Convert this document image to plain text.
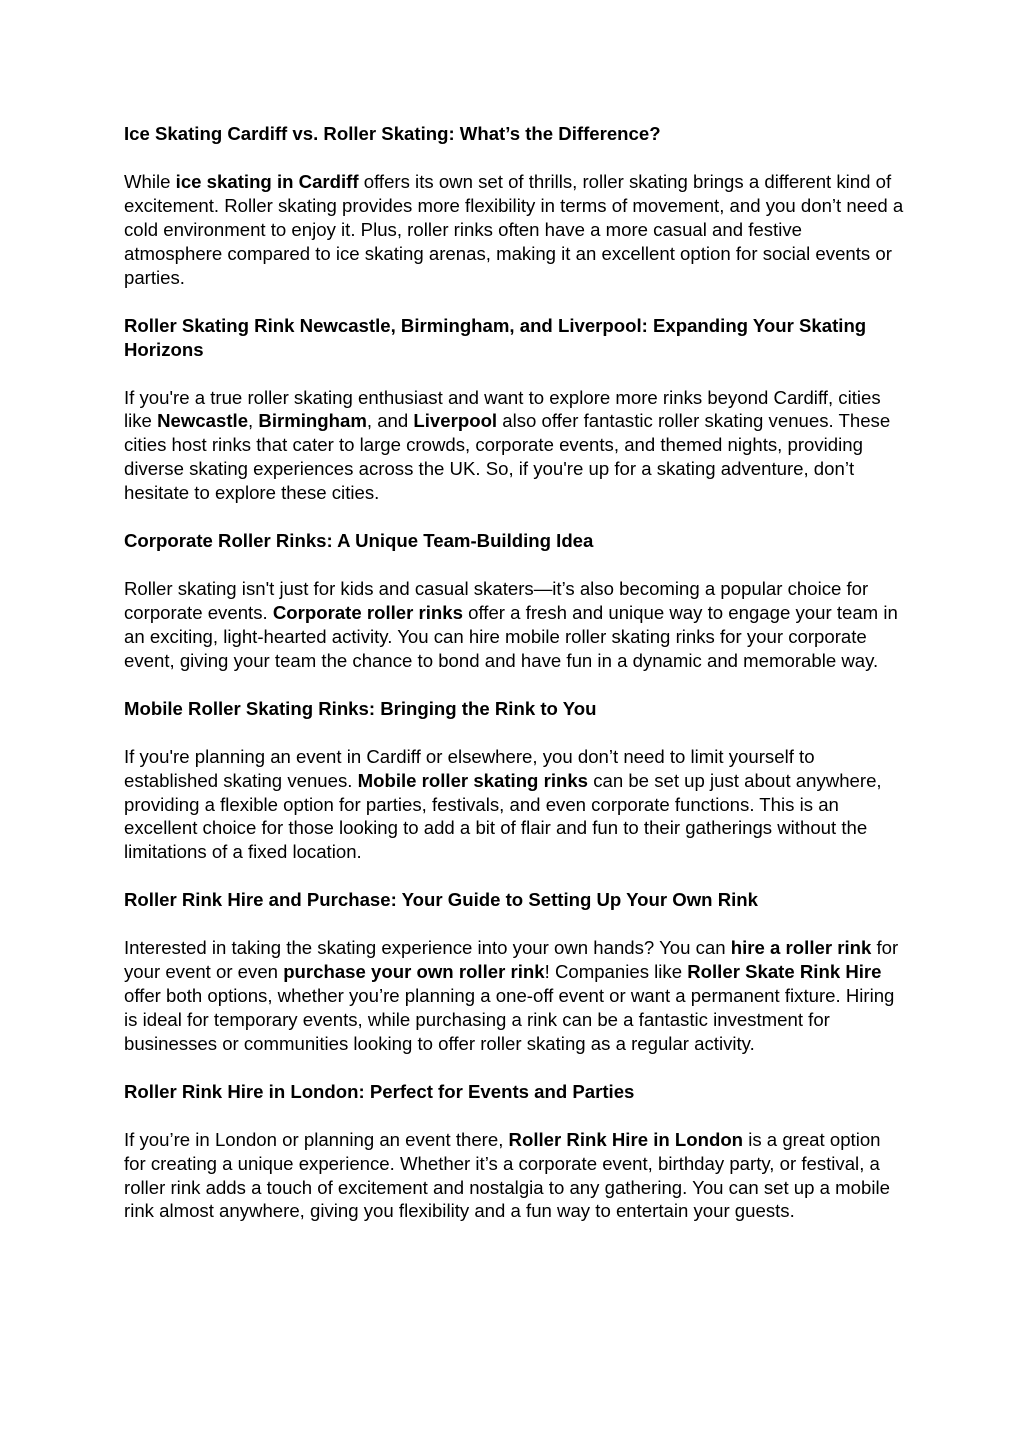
Ice Skating Cardiff vs. Roller Skating: What’s the Difference?

While ice skating in Cardiff offers its own set of thrills, roller skating brings a different kind of excitement. Roller skating provides more flexibility in terms of movement, and you don’t need a cold environment to enjoy it. Plus, roller rinks often have a more casual and festive atmosphere compared to ice skating arenas, making it an excellent option for social events or parties.

Roller Skating Rink Newcastle, Birmingham, and Liverpool: Expanding Your Skating Horizons

If you're a true roller skating enthusiast and want to explore more rinks beyond Cardiff, cities like Newcastle, Birmingham, and Liverpool also offer fantastic roller skating venues. These cities host rinks that cater to large crowds, corporate events, and themed nights, providing diverse skating experiences across the UK. So, if you're up for a skating adventure, don’t hesitate to explore these cities.

Corporate Roller Rinks: A Unique Team-Building Idea

Roller skating isn't just for kids and casual skaters—it’s also becoming a popular choice for corporate events. Corporate roller rinks offer a fresh and unique way to engage your team in an exciting, light-hearted activity. You can hire mobile roller skating rinks for your corporate event, giving your team the chance to bond and have fun in a dynamic and memorable way.

Mobile Roller Skating Rinks: Bringing the Rink to You

If you're planning an event in Cardiff or elsewhere, you don’t need to limit yourself to established skating venues. Mobile roller skating rinks can be set up just about anywhere, providing a flexible option for parties, festivals, and even corporate functions. This is an excellent choice for those looking to add a bit of flair and fun to their gatherings without the limitations of a fixed location.

Roller Rink Hire and Purchase: Your Guide to Setting Up Your Own Rink

Interested in taking the skating experience into your own hands? You can hire a roller rink for your event or even purchase your own roller rink! Companies like Roller Skate Rink Hire offer both options, whether you’re planning a one-off event or want a permanent fixture. Hiring is ideal for temporary events, while purchasing a rink can be a fantastic investment for businesses or communities looking to offer roller skating as a regular activity.

Roller Rink Hire in London: Perfect for Events and Parties

If you’re in London or planning an event there, Roller Rink Hire in London is a great option for creating a unique experience. Whether it’s a corporate event, birthday party, or festival, a roller rink adds a touch of excitement and nostalgia to any gathering. You can set up a mobile rink almost anywhere, giving you flexibility and a fun way to entertain your guests.
